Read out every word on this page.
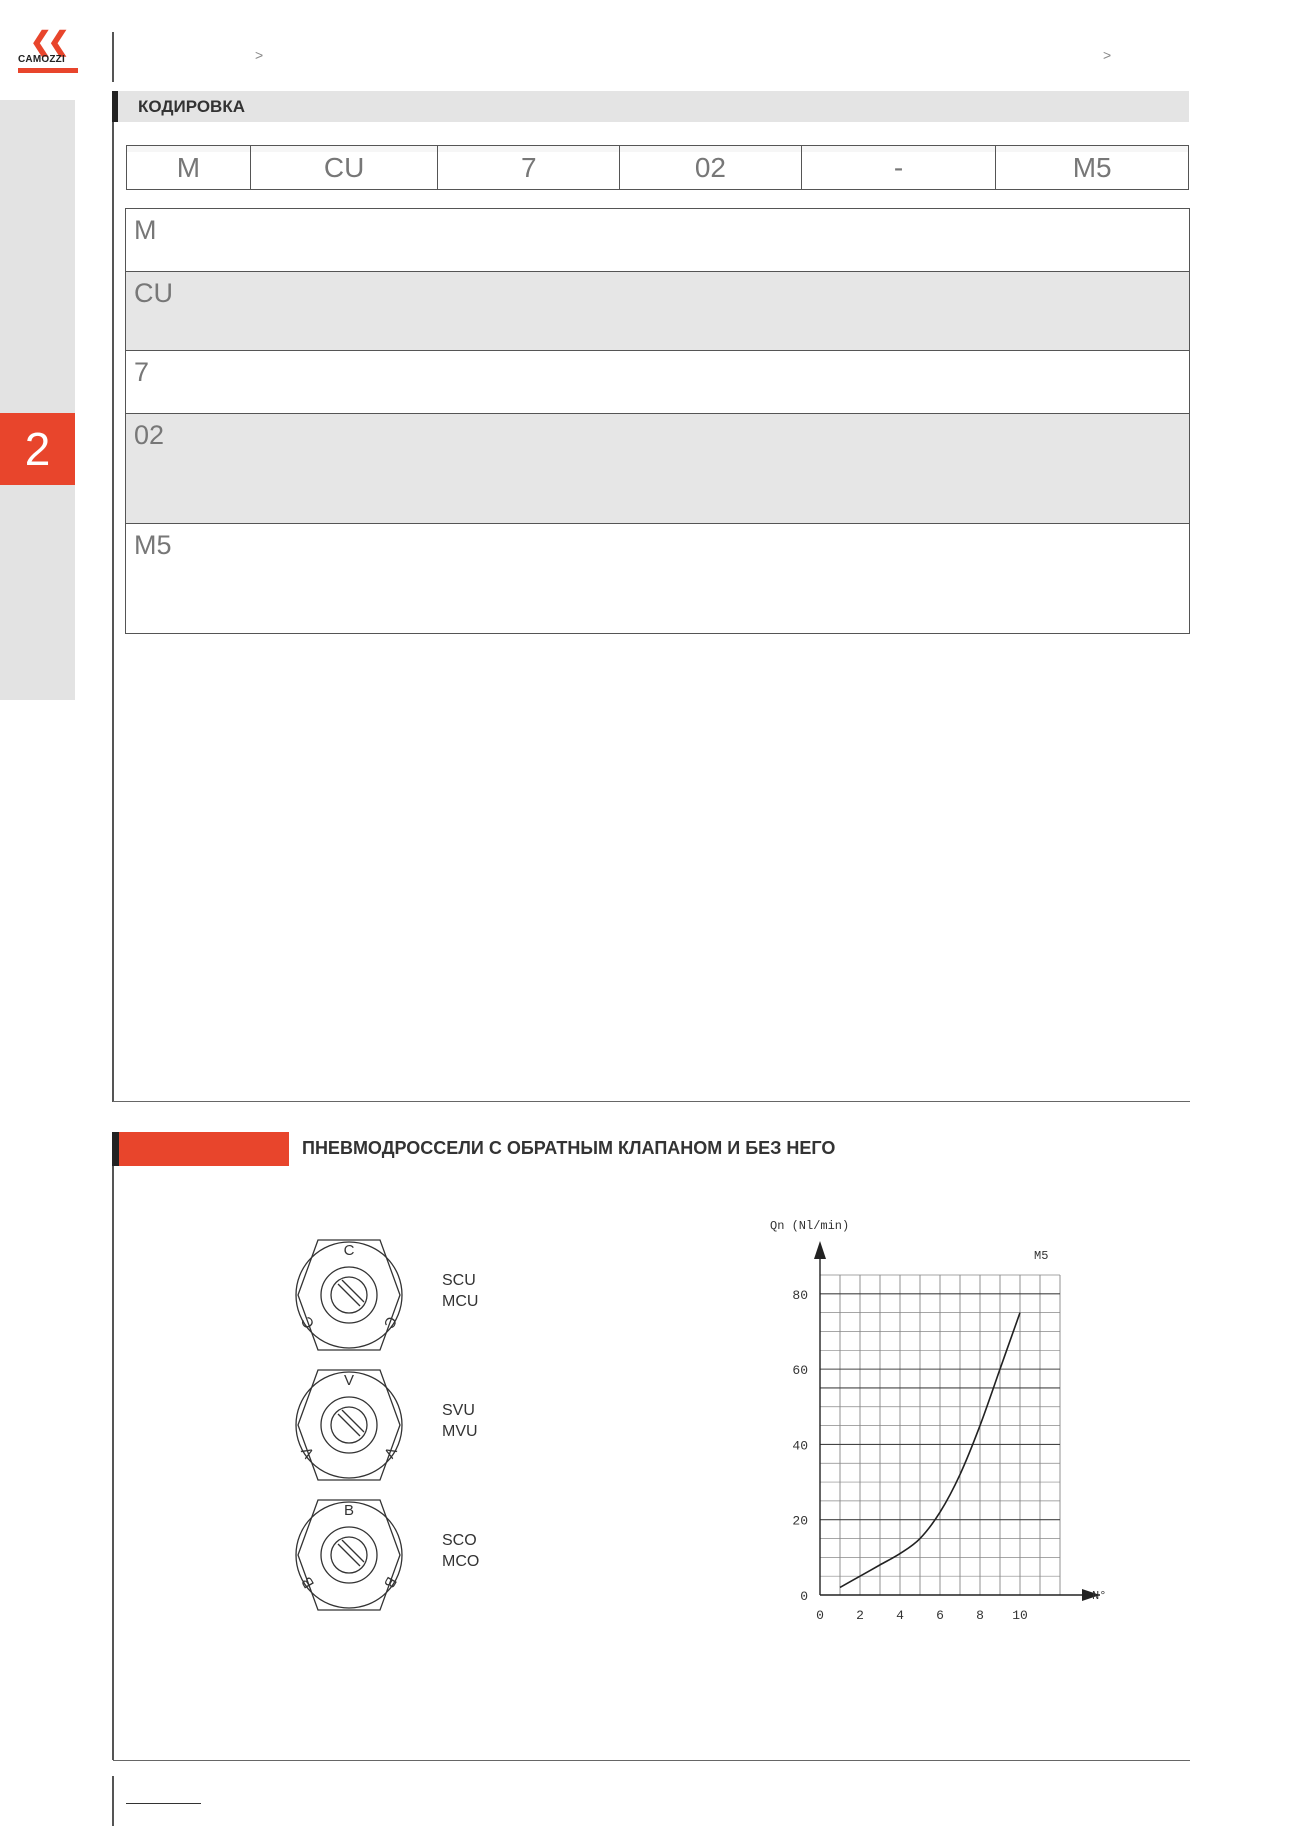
2
❮❮
CAMOZZI	>	>
КОДИРОВКА
M	CU	7	02	-	M5
M
CU
7
02
M5
ПНЕВМОДРОССЕЛИ С ОБРАТНЫМ КЛАПАНОМ И БЕЗ НЕГО
C
C	C
SCU
MCU
V
V	V
SVU
MVU
B
B	B
SCO
MCO
0 2 4 6 8 10
0
20
40
60
80
Qn (Nl/min)
N°
M5
